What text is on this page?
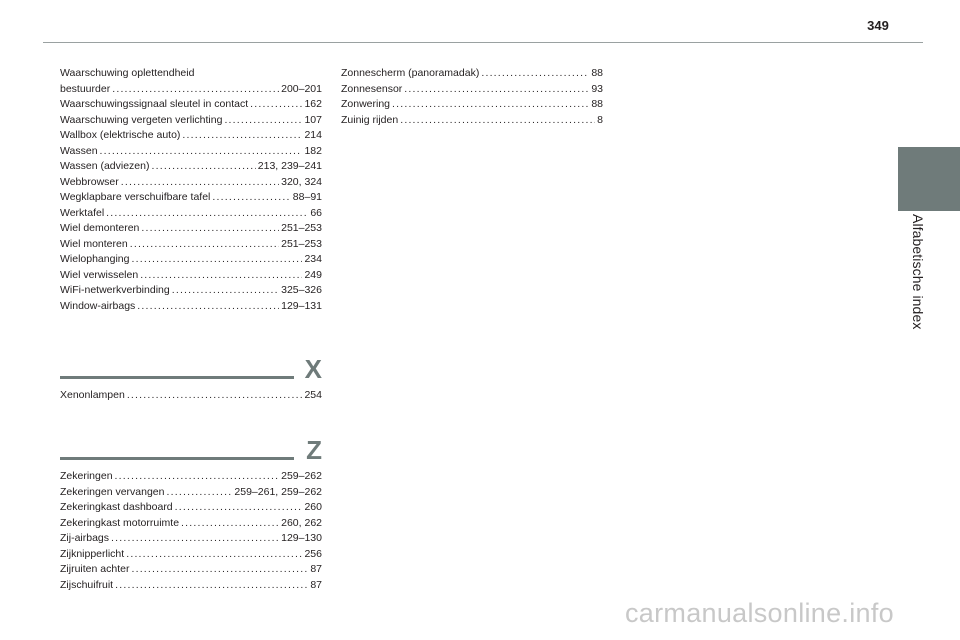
349
Alfabetische index
Waarschuwing oplettendheid
bestuurder .....	200–201
Waarschuwingssignaal sleutel in contact .....	162
Waarschuwing vergeten verlichting .....	107
Wallbox (elektrische auto) .....	214
Wassen .....	182
Wassen (adviezen) .....	213, 239–241
Webbrowser .....	320, 324
Wegklapbare verschuifbare tafel .....	88–91
Werktafel .....	66
Wiel demonteren .....	251–253
Wiel monteren .....	251–253
Wielophanging .....	234
Wiel verwisselen .....	249
WiFi-netwerkverbinding .....	325–326
Window-airbags .....	129–131
X
Xenonlampen .....	254
Z
Zekeringen .....	259–262
Zekeringen vervangen .....	259–261, 259–262
Zekeringkast dashboard .....	260
Zekeringkast motorruimte .....	260, 262
Zij-airbags .....	129–130
Zijknipperlicht .....	256
Zijruiten achter .....	87
Zijschuifruit .....	87
Zonnescherm (panoramadak) .....	88
Zonnesensor .....	93
Zonwering .....	88
Zuinig rijden .....	8
carmanualsonline.info
